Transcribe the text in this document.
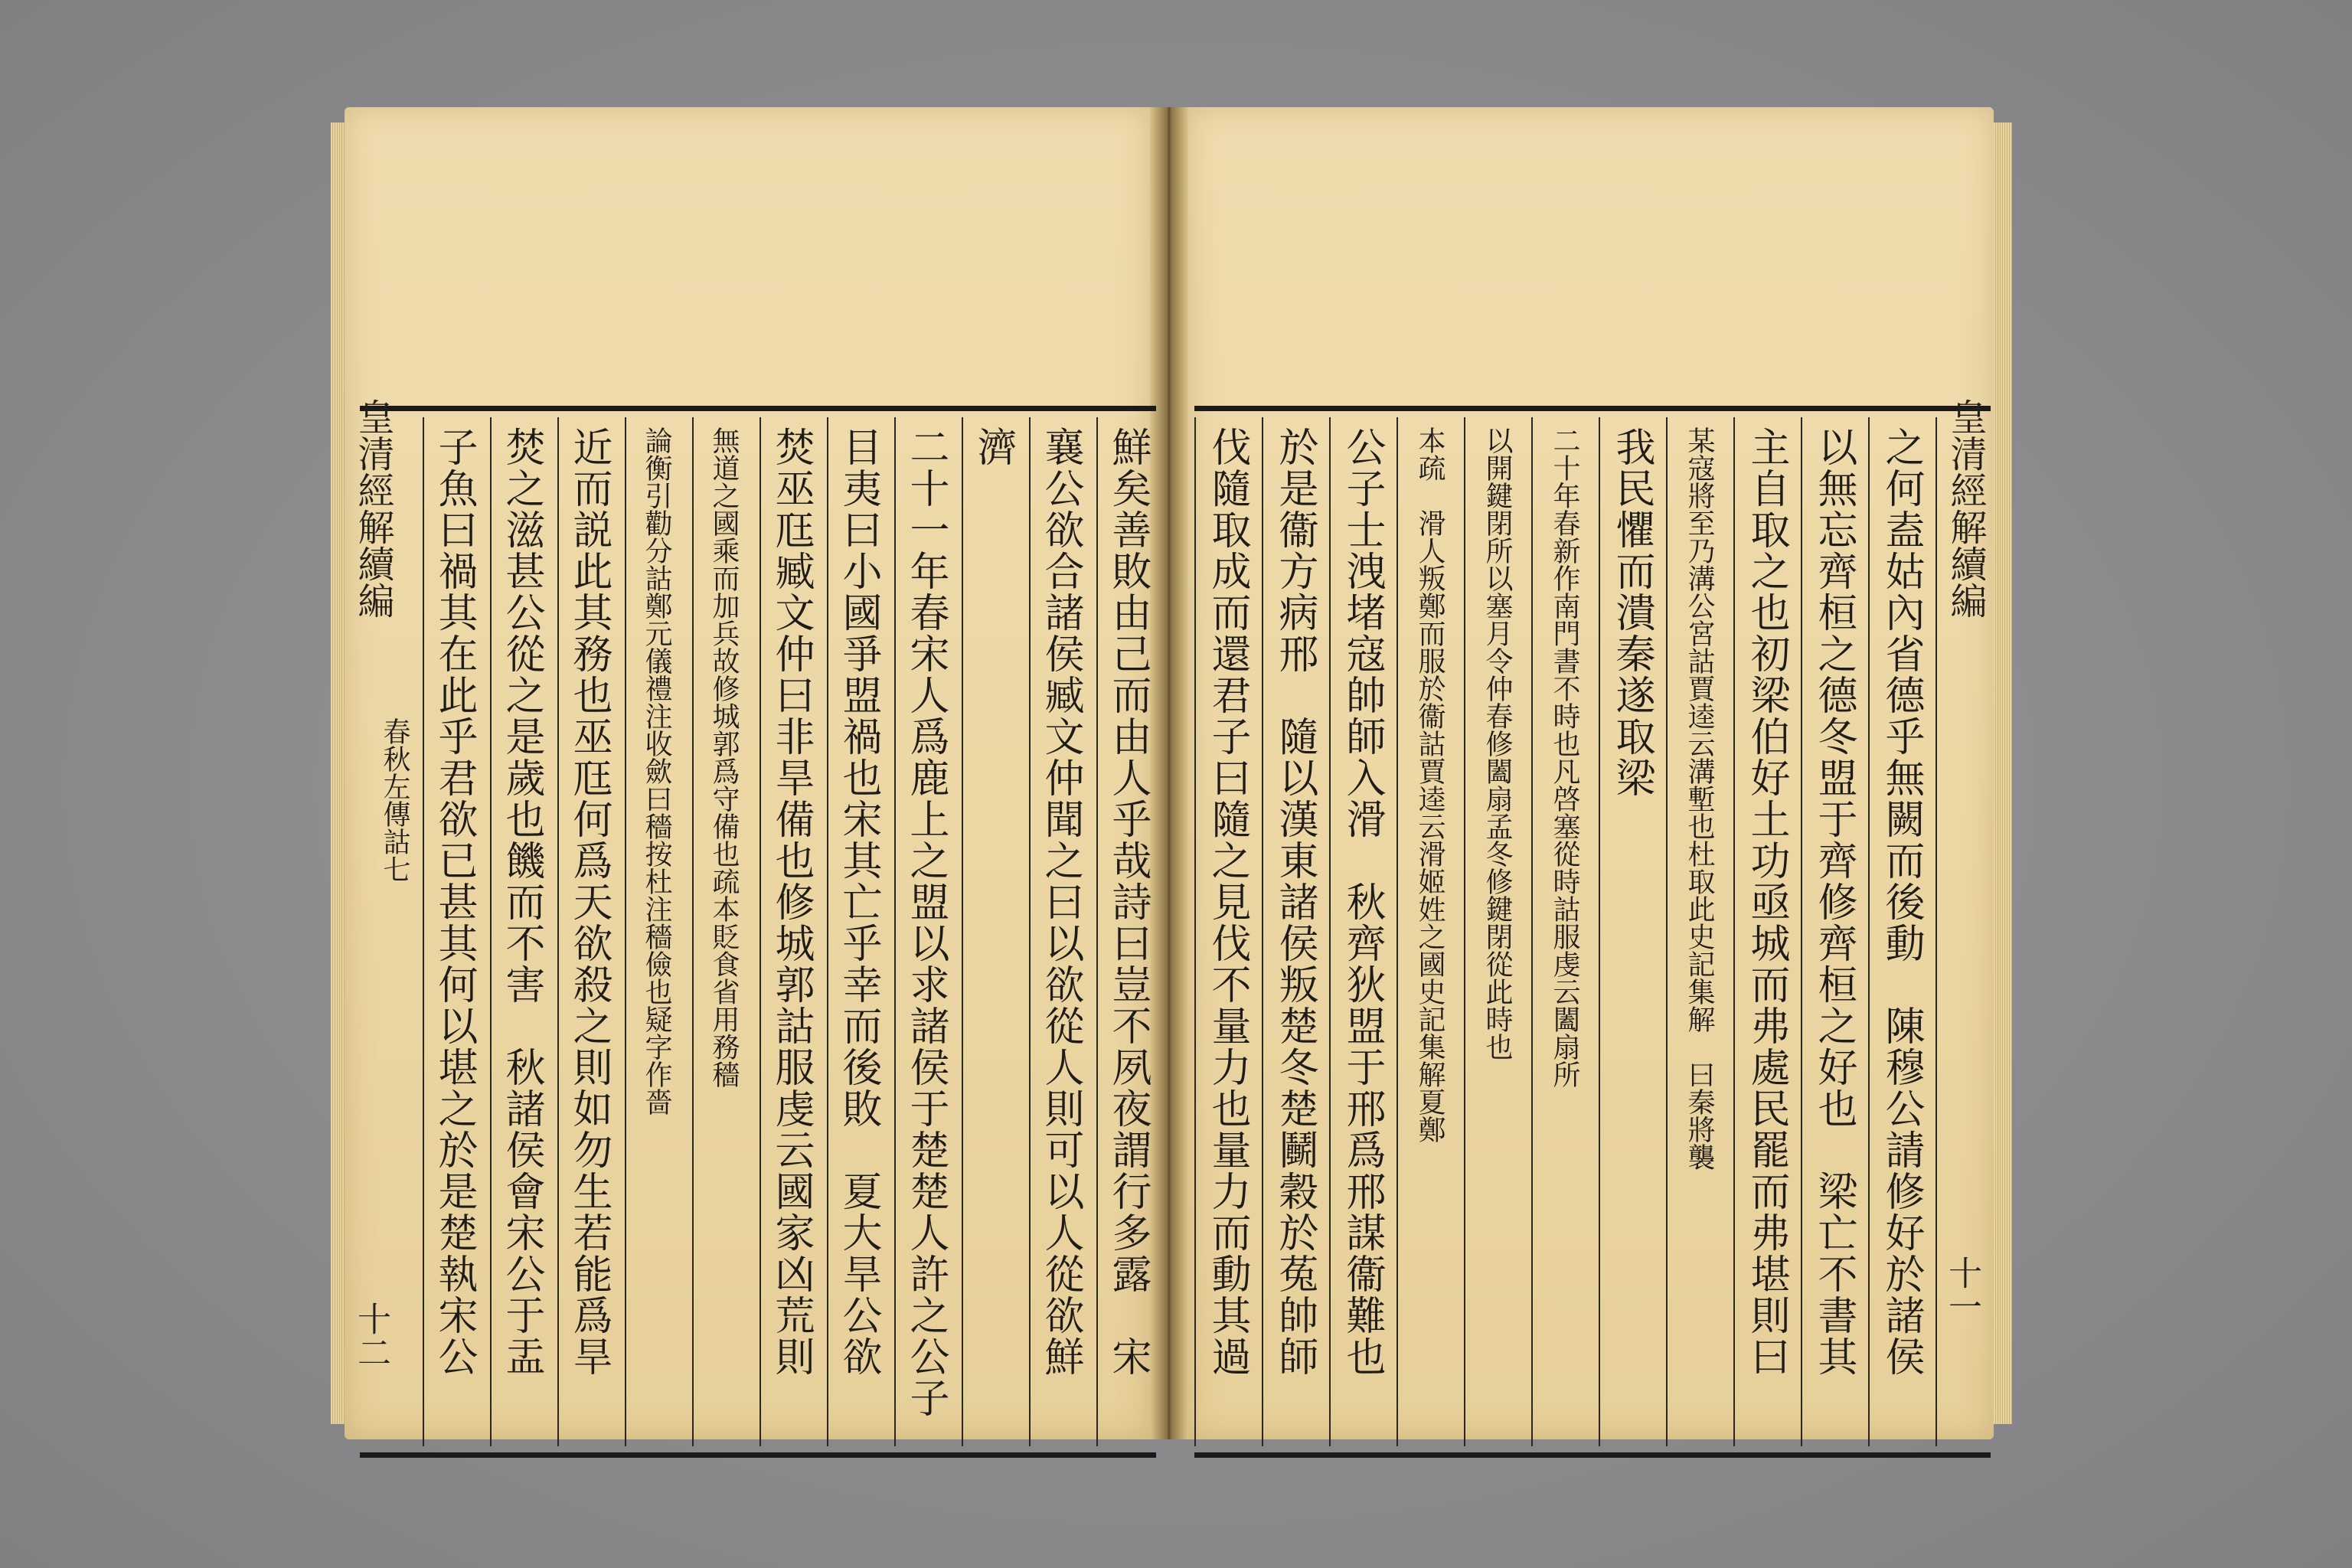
鮮矣善敗由己而由人乎哉詩曰豈不夙夜謂行多露　宋
襄公欲合諸侯臧文仲聞之曰以欲從人則可以人從欲鮮
濟
二十一年春宋人爲鹿上之盟以求諸侯于楚楚人許之公子
目夷曰小國爭盟禍也宋其亡乎幸而後敗　夏大旱公欲
焚巫尫臧文仲曰非旱備也修城郭詁服虔云國家凶荒則
無道之國乘而加兵故修城郭爲守備也疏本貶食省用務穡
論衡引勸分詁鄭元儀禮注收歛曰穡按杜注穡儉也疑字作嗇
近而説此其務也巫尫何爲天欲殺之則如勿生若能爲旱
焚之滋甚公從之是歲也饑而不害　秋諸侯會宋公于盂
子魚曰禍其在此乎君欲已甚其何以堪之於是楚執宋公
春秋左傳詁七
皇清經解續編
十二	之何盍姑內省德乎無闕而後動　陳穆公請修好於諸侯
以無忘齊桓之德冬盟于齊修齊桓之好也　梁亡不書其
主自取之也初梁伯好土功亟城而弗處民罷而弗堪則曰
某寇將至乃溝公宮詁賈逵云溝塹也杜取此史記集解　曰秦將襲
我民懼而潰秦遂取梁
二十年春新作南門書不時也凡啓塞從時詁服虔云闔扇所
以開鍵閉所以塞月令仲春修闔扇孟冬修鍵閉從此時也
本疏　滑人叛鄭而服於衞詁賈逵云滑姬姓之國史記集解夏鄭
公子士洩堵寇帥師入滑　秋齊狄盟于邢爲邢謀衞難也
於是衞方病邢　隨以漢東諸侯叛楚冬楚鬭穀於菟帥師
伐隨取成而還君子曰隨之見伐不量力也量力而動其過	皇清經解續編
十一
